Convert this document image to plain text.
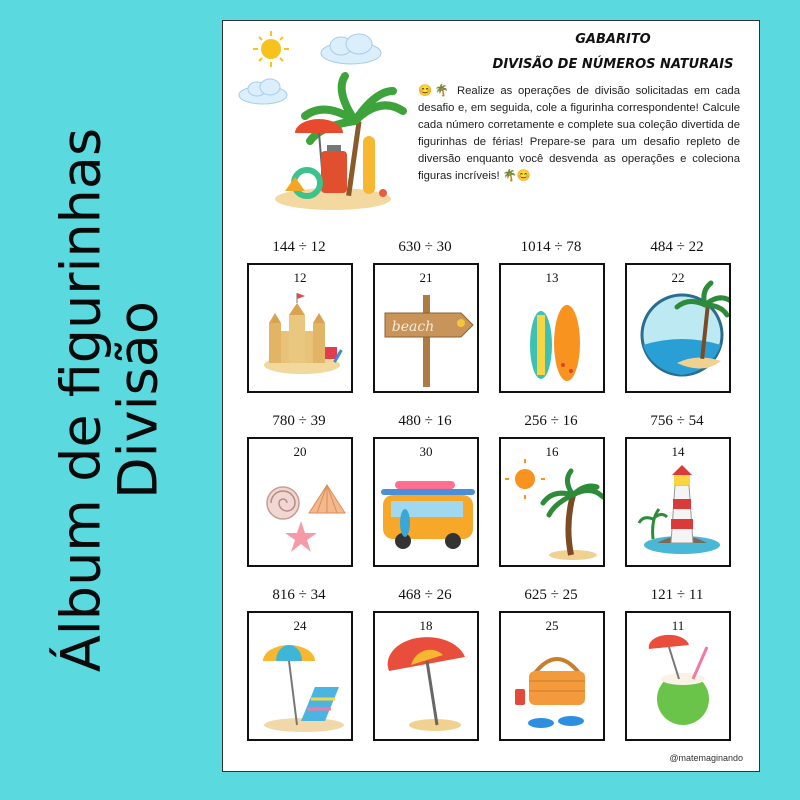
Álbum de figurinhas
Divisão
GABARITO
DIVISÃO DE NÚMEROS NATURAIS
😊🌴 Realize as operações de divisão solicitadas em cada desafio e, em seguida, cole a figurinha correspondente! Calcule cada número corretamente e complete sua coleção divertida de figurinhas de férias! Prepare-se para um desafio repleto de diversão enquanto você desvenda as operações e coleciona figuras incríveis! 🌴😊
144 ÷ 12
12
630 ÷ 30
21
beach
1014 ÷ 78
13
484 ÷ 22
22
780 ÷ 39
20
480 ÷ 16
30
256 ÷ 16
16
756 ÷ 54
14
816 ÷ 34
24
468 ÷ 26
18
625 ÷ 25
25
121 ÷ 11
11
@matemaginando
